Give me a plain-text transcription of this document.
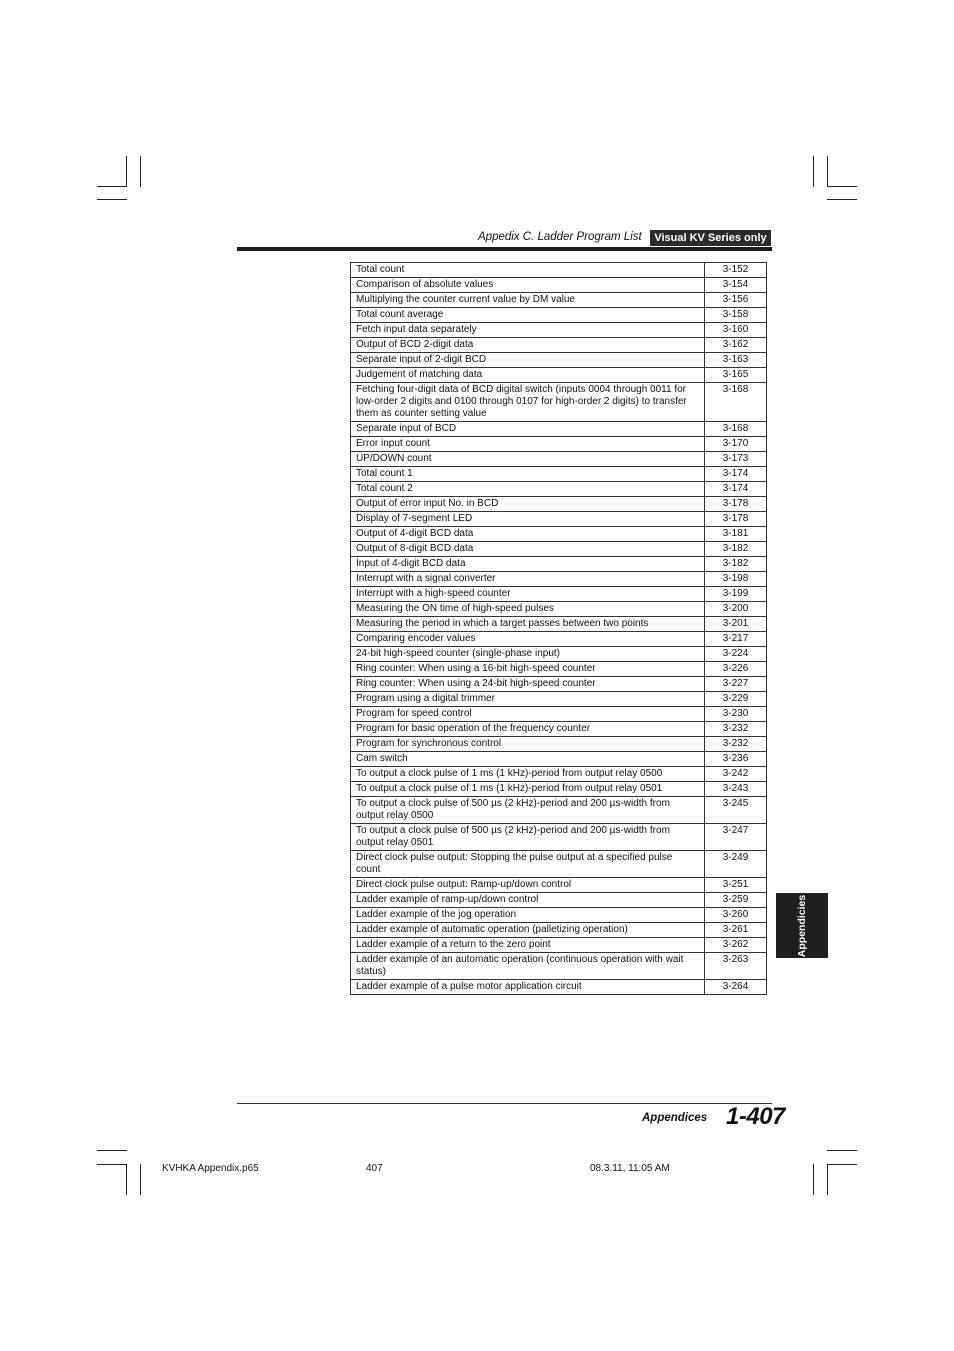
Appedix C. Ladder Program List	Visual KV Series only
Total count	3-152
Comparison of absolute values	3-154
Multiplying the counter current value by DM value	3-156
Total count average	3-158
Fetch input data separately	3-160
Output of BCD 2-digit data	3-162
Separate input of 2-digit BCD	3-163
Judgement of matching data	3-165
Fetching four-digit data of BCD digital switch (inputs 0004 through 0011 for low-order 2 digits and 0100 through 0107 for high-order 2 digits) to transfer them as counter setting value	3-168
Separate input of BCD	3-168
Error input count	3-170
UP/DOWN count	3-173
Total count 1	3-174
Total count 2	3-174
Output of error input No. in BCD	3-178
Display of 7-segment LED	3-178
Output of 4-digit BCD data	3-181
Output of 8-digit BCD data	3-182
Input of 4-digit BCD data	3-182
Interrupt with a signal converter	3-198
Interrupt with a high-speed counter	3-199
Measuring the ON time of high-speed pulses	3-200
Measuring the period in which a target passes between two points	3-201
Comparing encoder values	3-217
24-bit high-speed counter (single-phase input)	3-224
Ring counter: When using a 16-bit high-speed counter	3-226
Ring counter: When using a 24-bit high-speed counter	3-227
Program using a digital trimmer	3-229
Program for speed control	3-230
Program for basic operation of the frequency counter	3-232
Program for synchronous control	3-232
Cam switch	3-236
To output a clock pulse of 1 ms (1 kHz)-period from output relay 0500	3-242
To output a clock pulse of 1 ms (1 kHz)-period from output relay 0501	3-243
To output a clock pulse of 500 µs (2 kHz)-period and 200 µs-width from output relay 0500	3-245
To output a clock pulse of 500 µs (2 kHz)-period and 200 µs-width from output relay 0501	3-247
Direct clock pulse output: Stopping the pulse output at a specified pulse count	3-249
Direct clock pulse output: Ramp-up/down control	3-251
Ladder example of ramp-up/down control	3-259
Ladder example of the jog operation	3-260
Ladder example of automatic operation (palletizing operation)	3-261
Ladder example of a return to the zero point	3-262
Ladder example of an automatic operation (continuous operation with wait status)	3-263
Ladder example of a pulse motor application circuit	3-264
Appendicies
Appendices 1-407
KVHKA Appendix.p65	407	08.3.11, 11:05 AM
